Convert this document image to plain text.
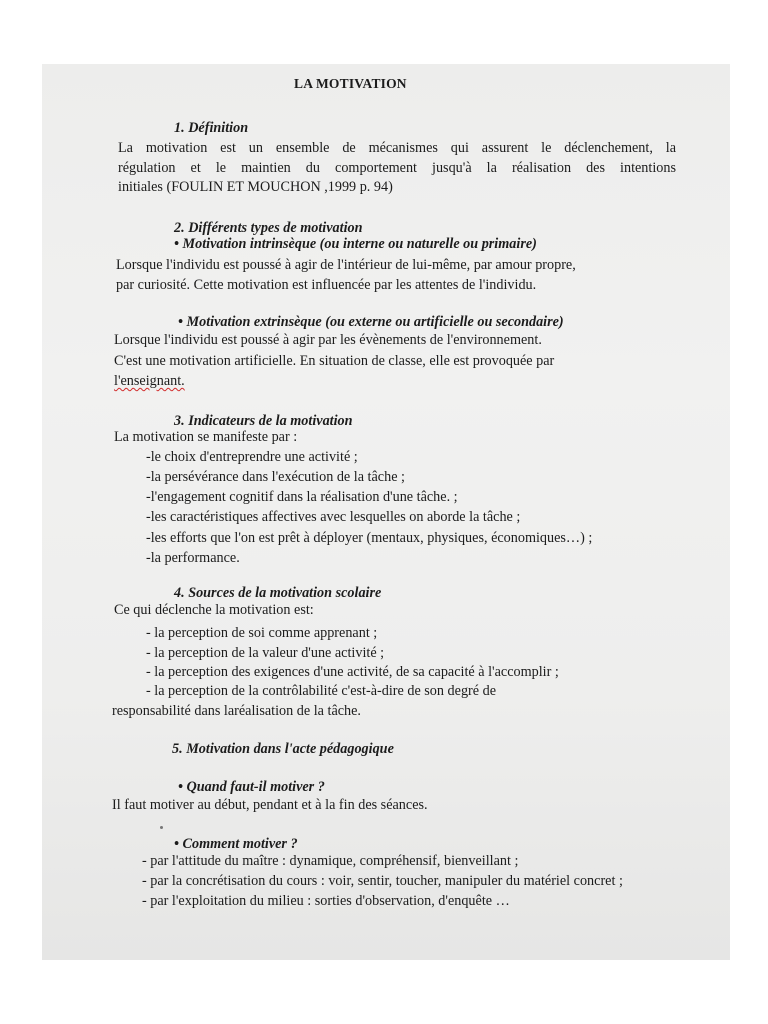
LA MOTIVATION
1. Définition
La motivation est un ensemble de mécanismes qui assurent le déclenchement, la
régulation et le maintien du comportement jusqu'à la réalisation des intentions
initiales (FOULIN ET MOUCHON ,1999 p. 94)
2. Différents types de motivation
• Motivation intrinsèque (ou interne ou naturelle ou primaire)
Lorsque l'individu est poussé à agir de l'intérieur de lui-même, par amour propre,
par curiosité. Cette motivation est influencée par les attentes de l'individu.
• Motivation extrinsèque (ou externe ou artificielle ou secondaire)
Lorsque l'individu est poussé à agir par les évènements de l'environnement.
C'est une motivation artificielle. En situation de classe, elle est provoquée par
l'enseignant.
3. Indicateurs de la motivation
La motivation se manifeste par :
-le choix d'entreprendre une activité ;
-la persévérance dans l'exécution de la tâche ;
-l'engagement cognitif dans la réalisation d'une tâche. ;
-les caractéristiques affectives avec lesquelles on aborde la tâche ;
-les efforts que l'on est prêt à déployer (mentaux, physiques, économiques…) ;
-la performance.
4. Sources de la motivation scolaire
Ce qui déclenche la motivation est:
- la perception de soi comme apprenant ;
- la perception de la valeur d'une activité ;
- la perception des exigences d'une activité, de sa capacité à l'accomplir ;
- la perception de la contrôlabilité c'est-à-dire de son degré de
responsabilité dans laréalisation de la tâche.
5. Motivation dans l'acte pédagogique
• Quand faut-il motiver ?
Il faut motiver au début, pendant et à la fin des séances.
• Comment motiver ?
- par l'attitude du maître : dynamique, compréhensif, bienveillant ;
- par la concrétisation du cours : voir, sentir, toucher, manipuler du matériel concret ;
- par l'exploitation du milieu : sorties d'observation, d'enquête …
